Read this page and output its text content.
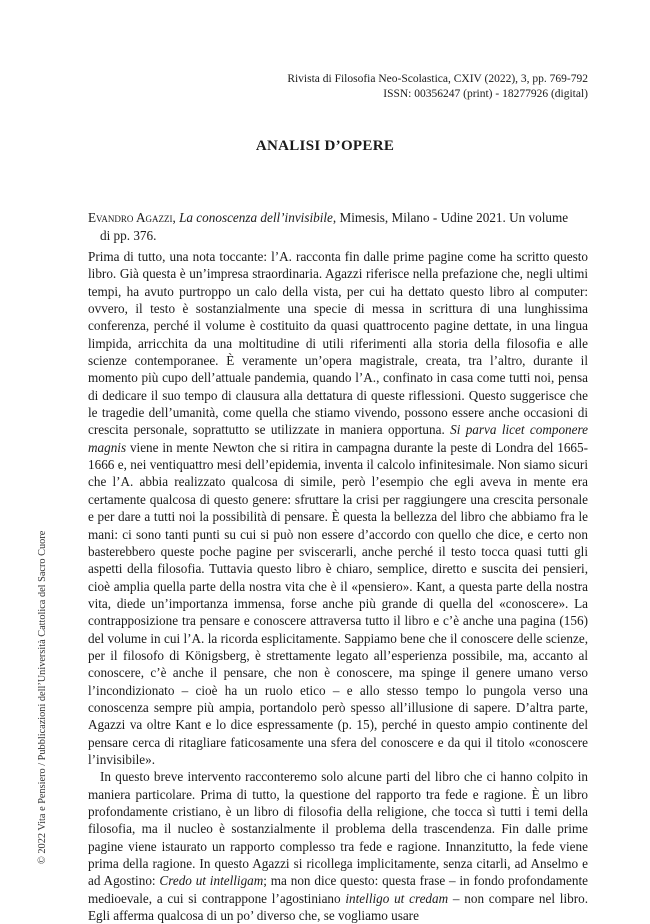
Rivista di Filosofia Neo-Scolastica, CXIV (2022), 3, pp. 769-792
ISSN: 00356247 (print) - 18277926 (digital)
ANALISI D’OPERE
Evandro Agazzi, La conoscenza dell’invisibile, Mimesis, Milano - Udine 2021. Un volume
di pp. 376.

Prima di tutto, una nota toccante: l’A. racconta fin dalle prime pagine come ha scritto questo libro. Già questa è un’impresa straordinaria. Agazzi riferisce nella prefazione che, negli ultimi tempi, ha avuto purtroppo un calo della vista, per cui ha dettato questo libro al computer: ovvero, il testo è sostanzialmente una specie di messa in scrittura di una lunghissima conferenza, perché il volume è costituito da quasi quattrocento pagine dettate, in una lingua limpida, arricchita da una moltitudine di utili riferimenti alla storia della filosofia e alle scienze contemporanee. È veramente un’opera magistrale, creata, tra l’altro, durante il momento più cupo dell’attuale pandemia, quando l’A., confinato in casa come tutti noi, pensa di dedicare il suo tempo di clausura alla dettatura di queste riflessioni. Questo suggerisce che le tragedie dell’umanità, come quella che stiamo vivendo, possono essere anche occasioni di crescita personale, soprattutto se utilizzate in maniera opportuna. Si parva licet componere magnis viene in mente Newton che si ritira in campagna durante la peste di Londra del 1665-1666 e, nei ventiquattro mesi dell’epidemia, inventa il calcolo infinitesimale. Non siamo sicuri che l’A. abbia realizzato qualcosa di simile, però l’esempio che egli aveva in mente era certamente qualcosa di questo genere: sfruttare la crisi per raggiungere una crescita personale e per dare a tutti noi la possibilità di pensare. È questa la bellezza del libro che abbiamo fra le mani: ci sono tanti punti su cui si può non essere d’accordo con quello che dice, e certo non basterebbero queste poche pagine per sviscerarli, anche perché il testo tocca quasi tutti gli aspetti della filosofia. Tuttavia questo libro è chiaro, semplice, diretto e suscita dei pensieri, cioè amplia quella parte della nostra vita che è il «pensiero». Kant, a questa parte della nostra vita, diede un’importanza immensa, forse anche più grande di quella del «conoscere». La contrapposizione tra pensare e conoscere attraversa tutto il libro e c’è anche una pagina (156) del volume in cui l’A. la ricorda esplicitamente. Sappiamo bene che il conoscere delle scienze, per il filosofo di Königsberg, è strettamente legato all’esperienza possibile, ma, accanto al conoscere, c’è anche il pensare, che non è conoscere, ma spinge il genere umano verso l’incondizionato – cioè ha un ruolo etico – e allo stesso tempo lo pungola verso una conoscenza sempre più ampia, portandolo però spesso all’illusione di sapere. D’altra parte, Agazzi va oltre Kant e lo dice espressamente (p. 15), perché in questo ampio continente del pensare cerca di ritagliare faticosamente una sfera del conoscere e da qui il titolo «conoscere l’invisibile».

In questo breve intervento racconteremo solo alcune parti del libro che ci hanno colpito in maniera particolare. Prima di tutto, la questione del rapporto tra fede e ragione. È un libro profondamente cristiano, è un libro di filosofia della religione, che tocca sì tutti i temi della filosofia, ma il nucleo è sostanzialmente il problema della trascendenza. Fin dalle prime pagine viene istaurato un rapporto complesso tra fede e ragione. Innanzitutto, la fede viene prima della ragione. In questo Agazzi si ricollega implicitamente, senza citarli, ad Anselmo e ad Agostino: Credo ut intelligam; ma non dice questo: questa frase – in fondo profondamente medioevale, a cui si contrappone l’agostiniano intelligo ut credam – non compare nel libro. Egli afferma qualcosa di un po’ diverso che, se vogliamo usare

© 2022 Vita e Pensiero / Pubblicazioni dell’Università Cattolica del Sacro Cuore
